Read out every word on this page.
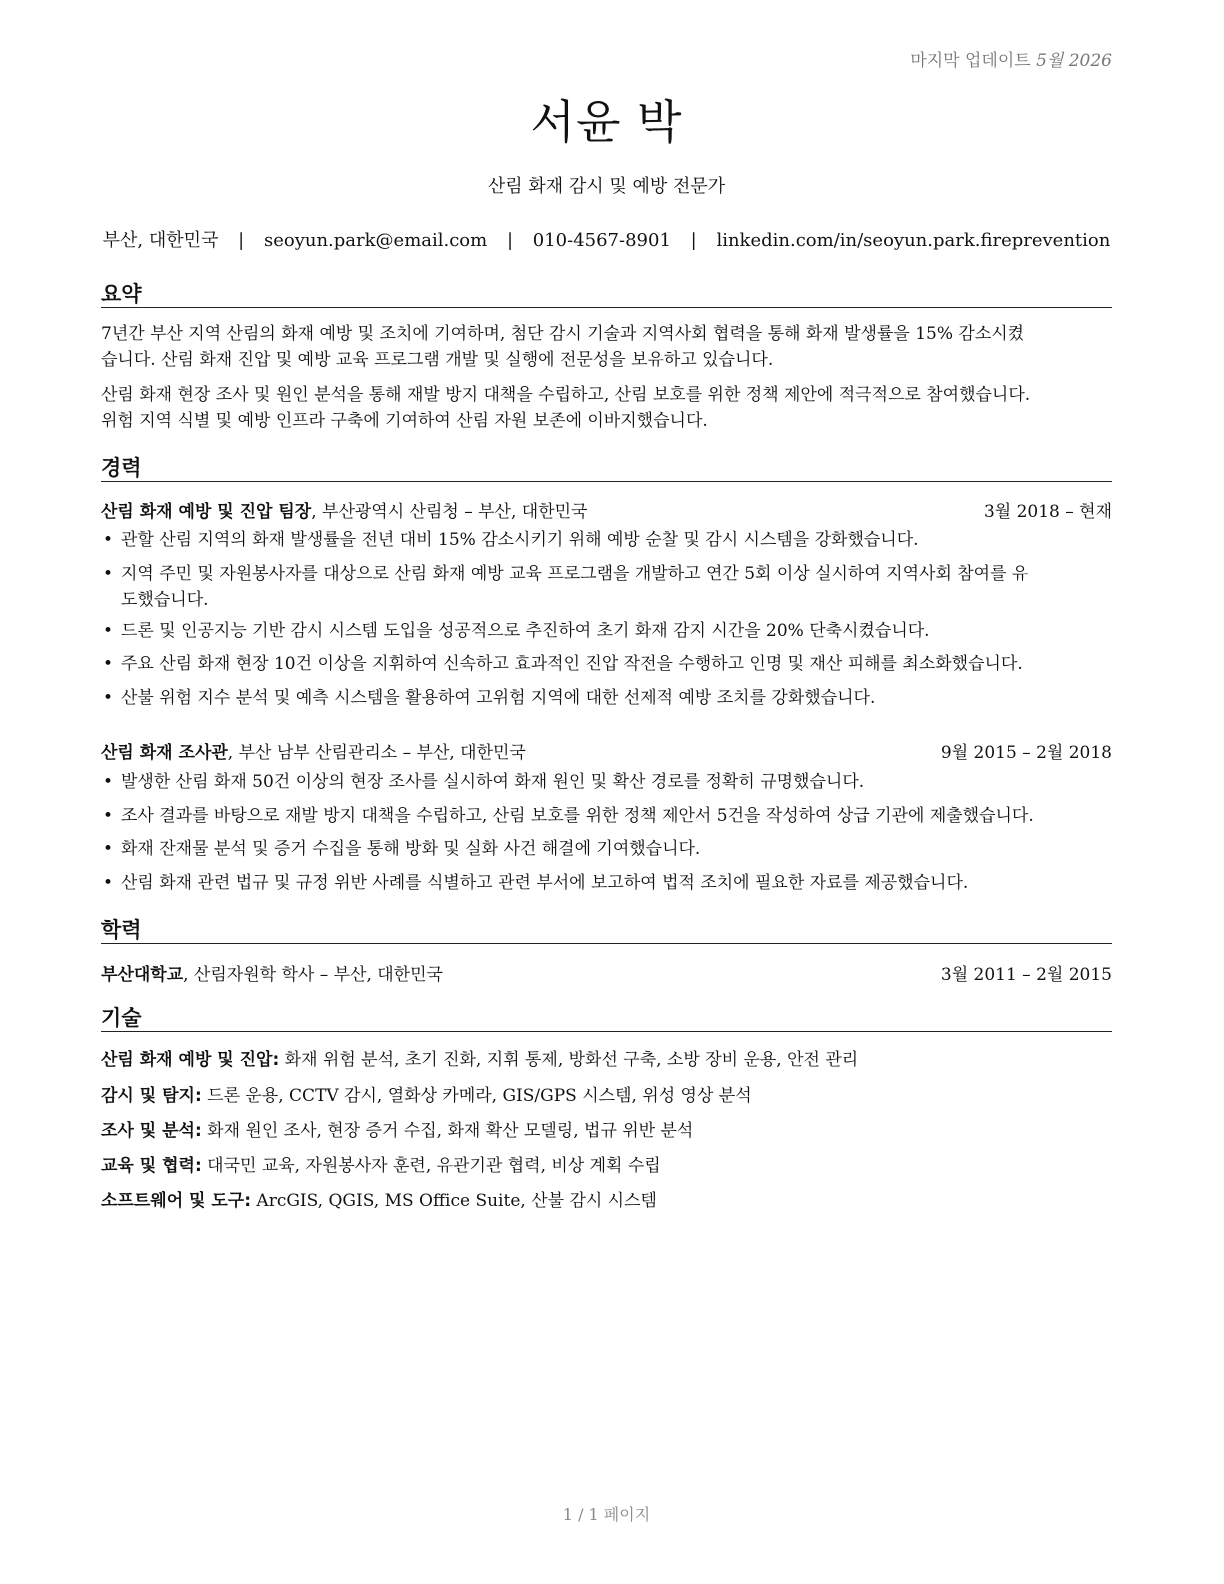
마지막 업데이트 5월 2026
서윤 박
산림 화재 감시 및 예방 전문가
부산, 대한민국 | seoyun.park@email.com | 010-4567-8901 | linkedin.com/in/seoyun.park.fireprevention
요약
7년간 부산 지역 산림의 화재 예방 및 조치에 기여하며, 첨단 감시 기술과 지역사회 협력을 통해 화재 발생률을 15% 감소시켰
습니다. 산림 화재 진압 및 예방 교육 프로그램 개발 및 실행에 전문성을 보유하고 있습니다.
산림 화재 현장 조사 및 원인 분석을 통해 재발 방지 대책을 수립하고, 산림 보호를 위한 정책 제안에 적극적으로 참여했습니다.
위험 지역 식별 및 예방 인프라 구축에 기여하여 산림 자원 보존에 이바지했습니다.
경력
산림 화재 예방 및 진압 팀장, 부산광역시 산림청 – 부산, 대한민국	3월 2018 – 현재
• 관할 산림 지역의 화재 발생률을 전년 대비 15% 감소시키기 위해 예방 순찰 및 감시 시스템을 강화했습니다.
• 지역 주민 및 자원봉사자를 대상으로 산림 화재 예방 교육 프로그램을 개발하고 연간 5회 이상 실시하여 지역사회 참여를 유
도했습니다.
• 드론 및 인공지능 기반 감시 시스템 도입을 성공적으로 추진하여 초기 화재 감지 시간을 20% 단축시켰습니다.
• 주요 산림 화재 현장 10건 이상을 지휘하여 신속하고 효과적인 진압 작전을 수행하고 인명 및 재산 피해를 최소화했습니다.
• 산불 위험 지수 분석 및 예측 시스템을 활용하여 고위험 지역에 대한 선제적 예방 조치를 강화했습니다.
산림 화재 조사관, 부산 남부 산림관리소 – 부산, 대한민국	9월 2015 – 2월 2018
• 발생한 산림 화재 50건 이상의 현장 조사를 실시하여 화재 원인 및 확산 경로를 정확히 규명했습니다.
• 조사 결과를 바탕으로 재발 방지 대책을 수립하고, 산림 보호를 위한 정책 제안서 5건을 작성하여 상급 기관에 제출했습니다.
• 화재 잔재물 분석 및 증거 수집을 통해 방화 및 실화 사건 해결에 기여했습니다.
• 산림 화재 관련 법규 및 규정 위반 사례를 식별하고 관련 부서에 보고하여 법적 조치에 필요한 자료를 제공했습니다.
학력
부산대학교, 산림자원학 학사 – 부산, 대한민국	3월 2011 – 2월 2015
기술
산림 화재 예방 및 진압: 화재 위험 분석, 초기 진화, 지휘 통제, 방화선 구축, 소방 장비 운용, 안전 관리
감시 및 탐지: 드론 운용, CCTV 감시, 열화상 카메라, GIS/GPS 시스템, 위성 영상 분석
조사 및 분석: 화재 원인 조사, 현장 증거 수집, 화재 확산 모델링, 법규 위반 분석
교육 및 협력: 대국민 교육, 자원봉사자 훈련, 유관기관 협력, 비상 계획 수립
소프트웨어 및 도구: ArcGIS, QGIS, MS Office Suite, 산불 감시 시스템
1 / 1 페이지
